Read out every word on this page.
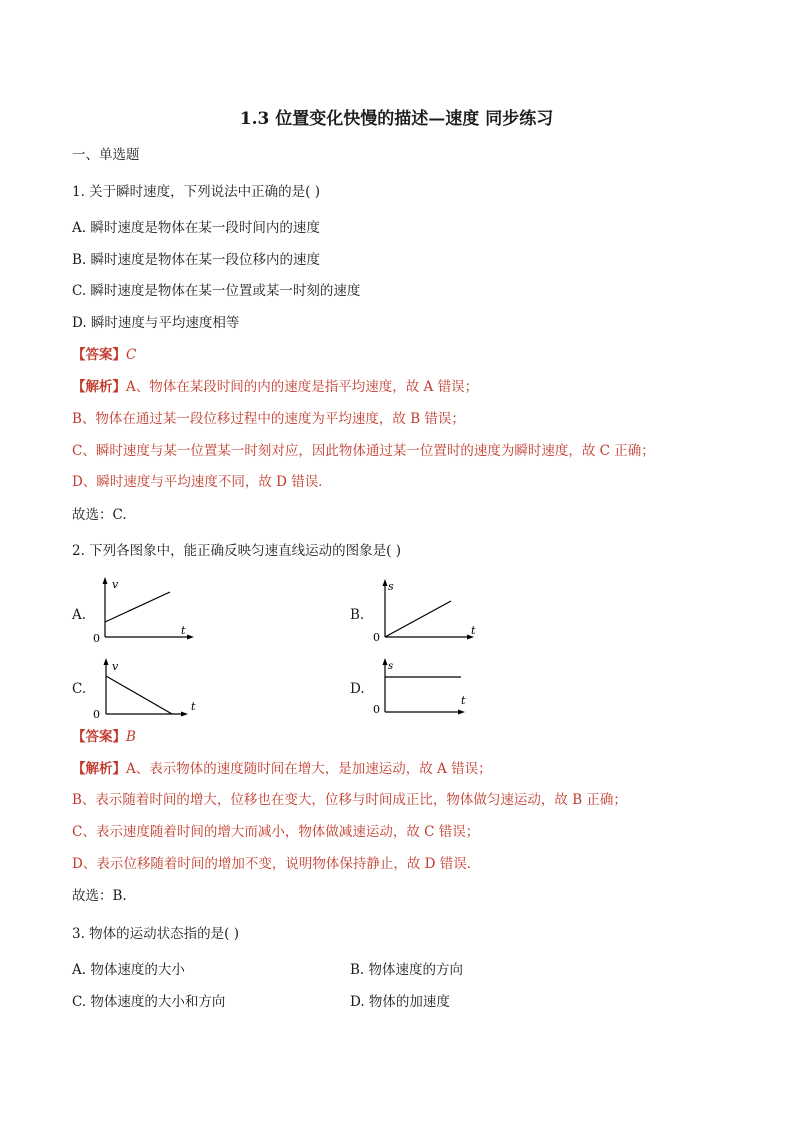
1.3 位置变化快慢的描述—速度 同步练习
一、单选题
1. 关于瞬时速度，下列说法中正确的是( )
A. 瞬时速度是物体在某一段时间内的速度
B. 瞬时速度是物体在某一段位移内的速度
C. 瞬时速度是物体在某一位置或某一时刻的速度
D. 瞬时速度与平均速度相等
【答案】C
【解析】A、物体在某段时间的内的速度是指平均速度，故 A 错误；
B、物体在通过某一段位移过程中的速度为平均速度，故 B 错误；
C、瞬时速度与某一位置某一时刻对应，因此物体通过某一位置时的速度为瞬时速度，故 C 正确；
D、瞬时速度与平均速度不同，故 D 错误．
故选：C.
2. 下列各图象中，能正确反映匀速直线运动的图象是( )
A.
v
t
0
B.
s
t
0
C.
v
t
0
D.
s
t
0
【答案】B
【解析】A、表示物体的速度随时间在增大，是加速运动，故 A 错误；
B、表示随着时间的增大，位移也在变大，位移与时间成正比，物体做匀速运动，故 B 正确；
C、表示速度随着时间的增大而减小，物体做减速运动，故 C 错误；
D、表示位移随着时间的增加不变，说明物体保持静止，故 D 错误．
故选：B.
3. 物体的运动状态指的是( )
A. 物体速度的大小	B. 物体速度的方向
C. 物体速度的大小和方向	D. 物体的加速度
